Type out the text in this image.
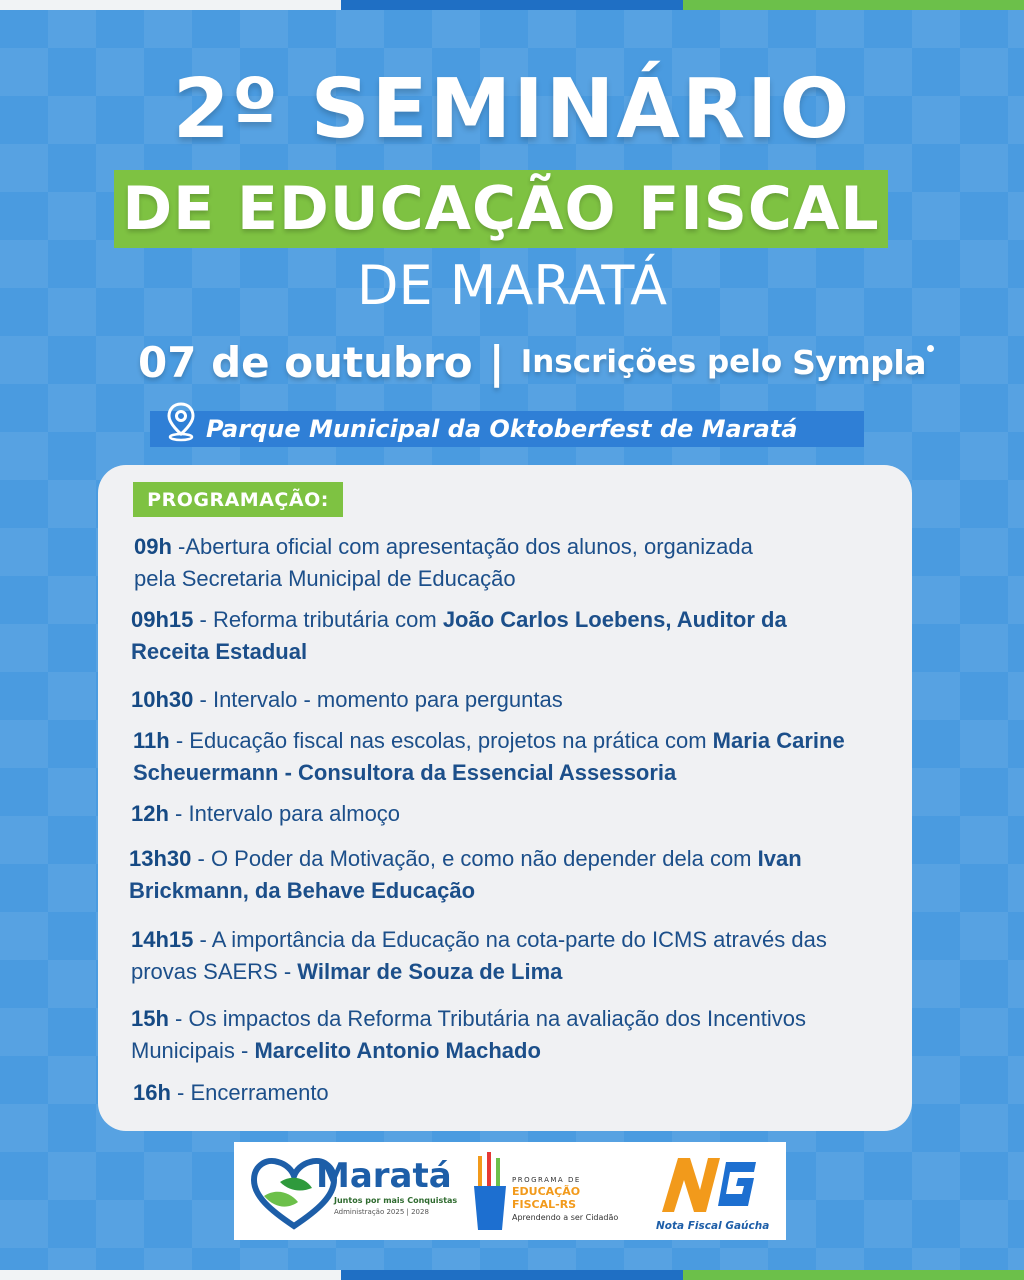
2º SEMINÁRIO
DE EDUCAÇÃO FISCAL
DE MARATÁ
07 de outubro | Inscrições pelo Sympla
Parque Municipal da Oktoberfest de Maratá
PROGRAMAÇÃO:
09h -Abertura oficial com apresentação dos alunos, organizada pela Secretaria Municipal de Educação
09h15 - Reforma tributária com João Carlos Loebens, Auditor da Receita Estadual
10h30 - Intervalo - momento para perguntas
11h - Educação fiscal nas escolas, projetos na prática com Maria Carine Scheuermann - Consultora da Essencial Assessoria
12h - Intervalo para almoço
13h30 - O Poder da Motivação, e como não depender dela com Ivan Brickmann, da Behave Educação
14h15 - A importância da Educação na cota-parte do ICMS através das provas SAERS - Wilmar de Souza de Lima
15h - Os impactos da Reforma Tributária na avaliação dos Incentivos Municipais - Marcelito Antonio Machado
16h - Encerramento
Maratá
Juntos por mais Conquistas
Administração 2025 | 2028
PROGRAMA DE
EDUCAÇÃO
FISCAL-RS
Aprendendo a ser Cidadão
Nota Fiscal Gaúcha
